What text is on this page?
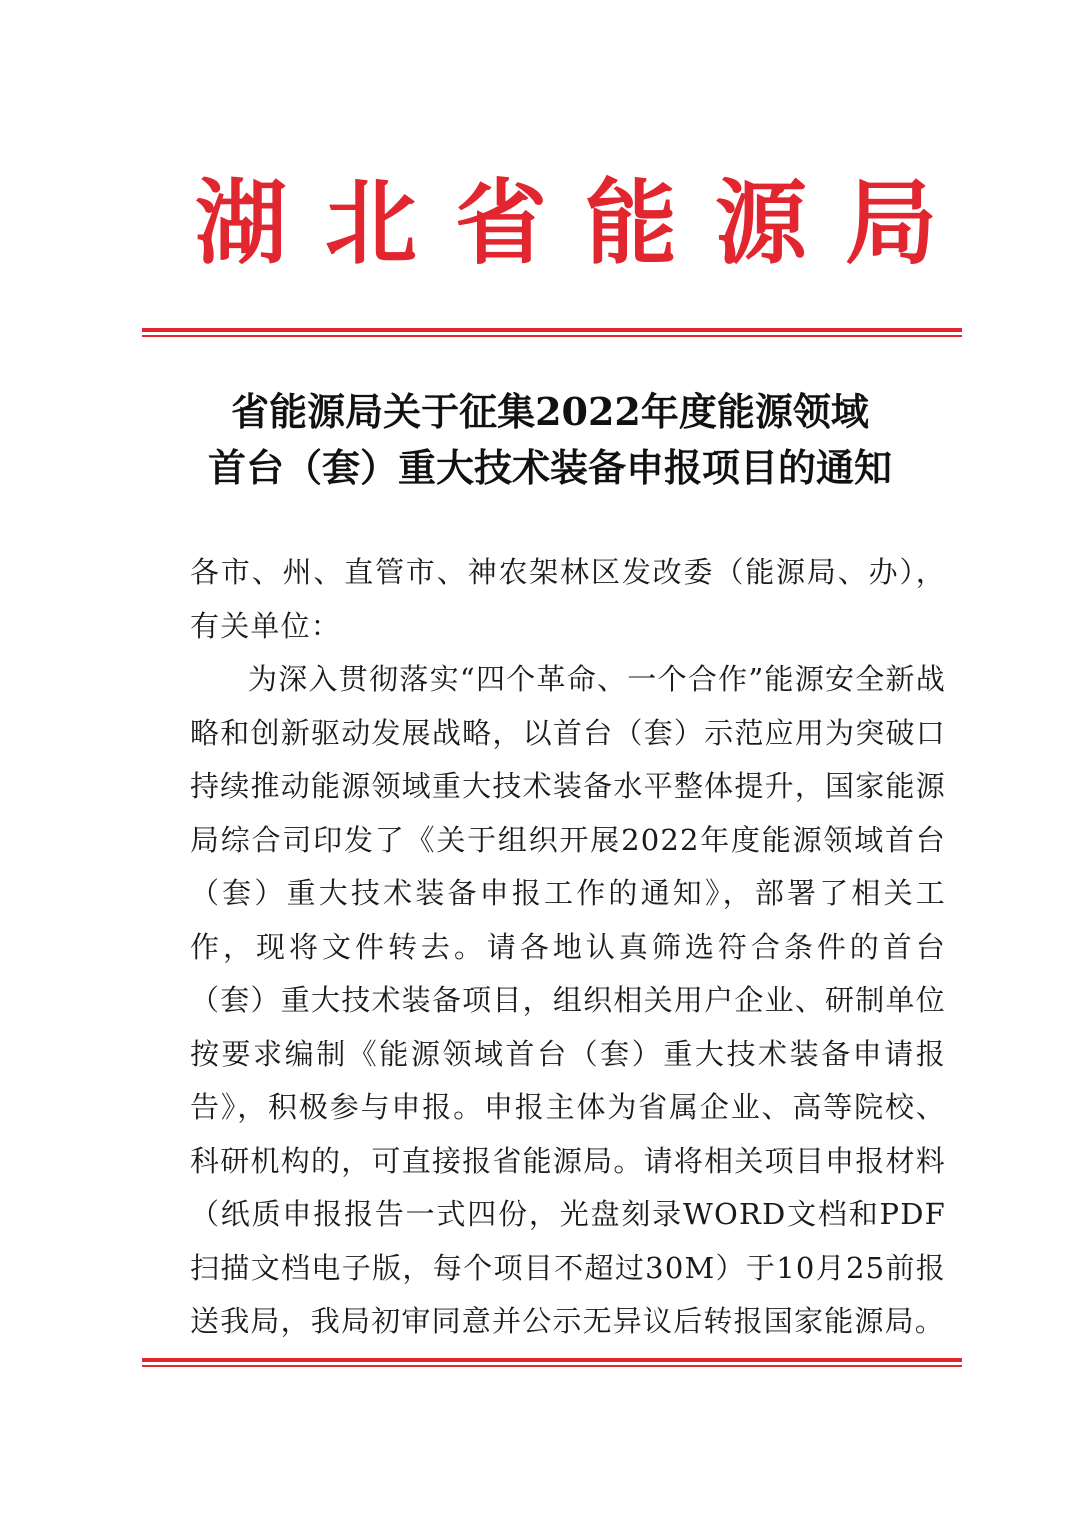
湖北省能源局
省能源局关于征集2022年度能源领域
首台（套）重大技术装备申报项目的通知

各市、州、直管市、神农架林区发改委（能源局、办），有关单位：

为深入贯彻落实“四个革命、一个合作”能源安全新战略和创新驱动发展战略，以首台（套）示范应用为突破口持续推动能源领域重大技术装备水平整体提升，国家能源局综合司印发了《关于组织开展2022年度能源领域首台（套）重大技术装备申报工作的通知》，部署了相关工作，现将文件转去。请各地认真筛选符合条件的首台（套）重大技术装备项目，组织相关用户企业、研制单位按要求编制《能源领域首台（套）重大技术装备申请报告》，积极参与申报。申报主体为省属企业、高等院校、科研机构的，可直接报省能源局。请将相关项目申报材料（纸质申报报告一式四份，光盘刻录WORD文档和PDF扫描文档电子版，每个项目不超过30M）于10月25前报送我局，我局初审同意并公示无异议后转报国家能源局。
